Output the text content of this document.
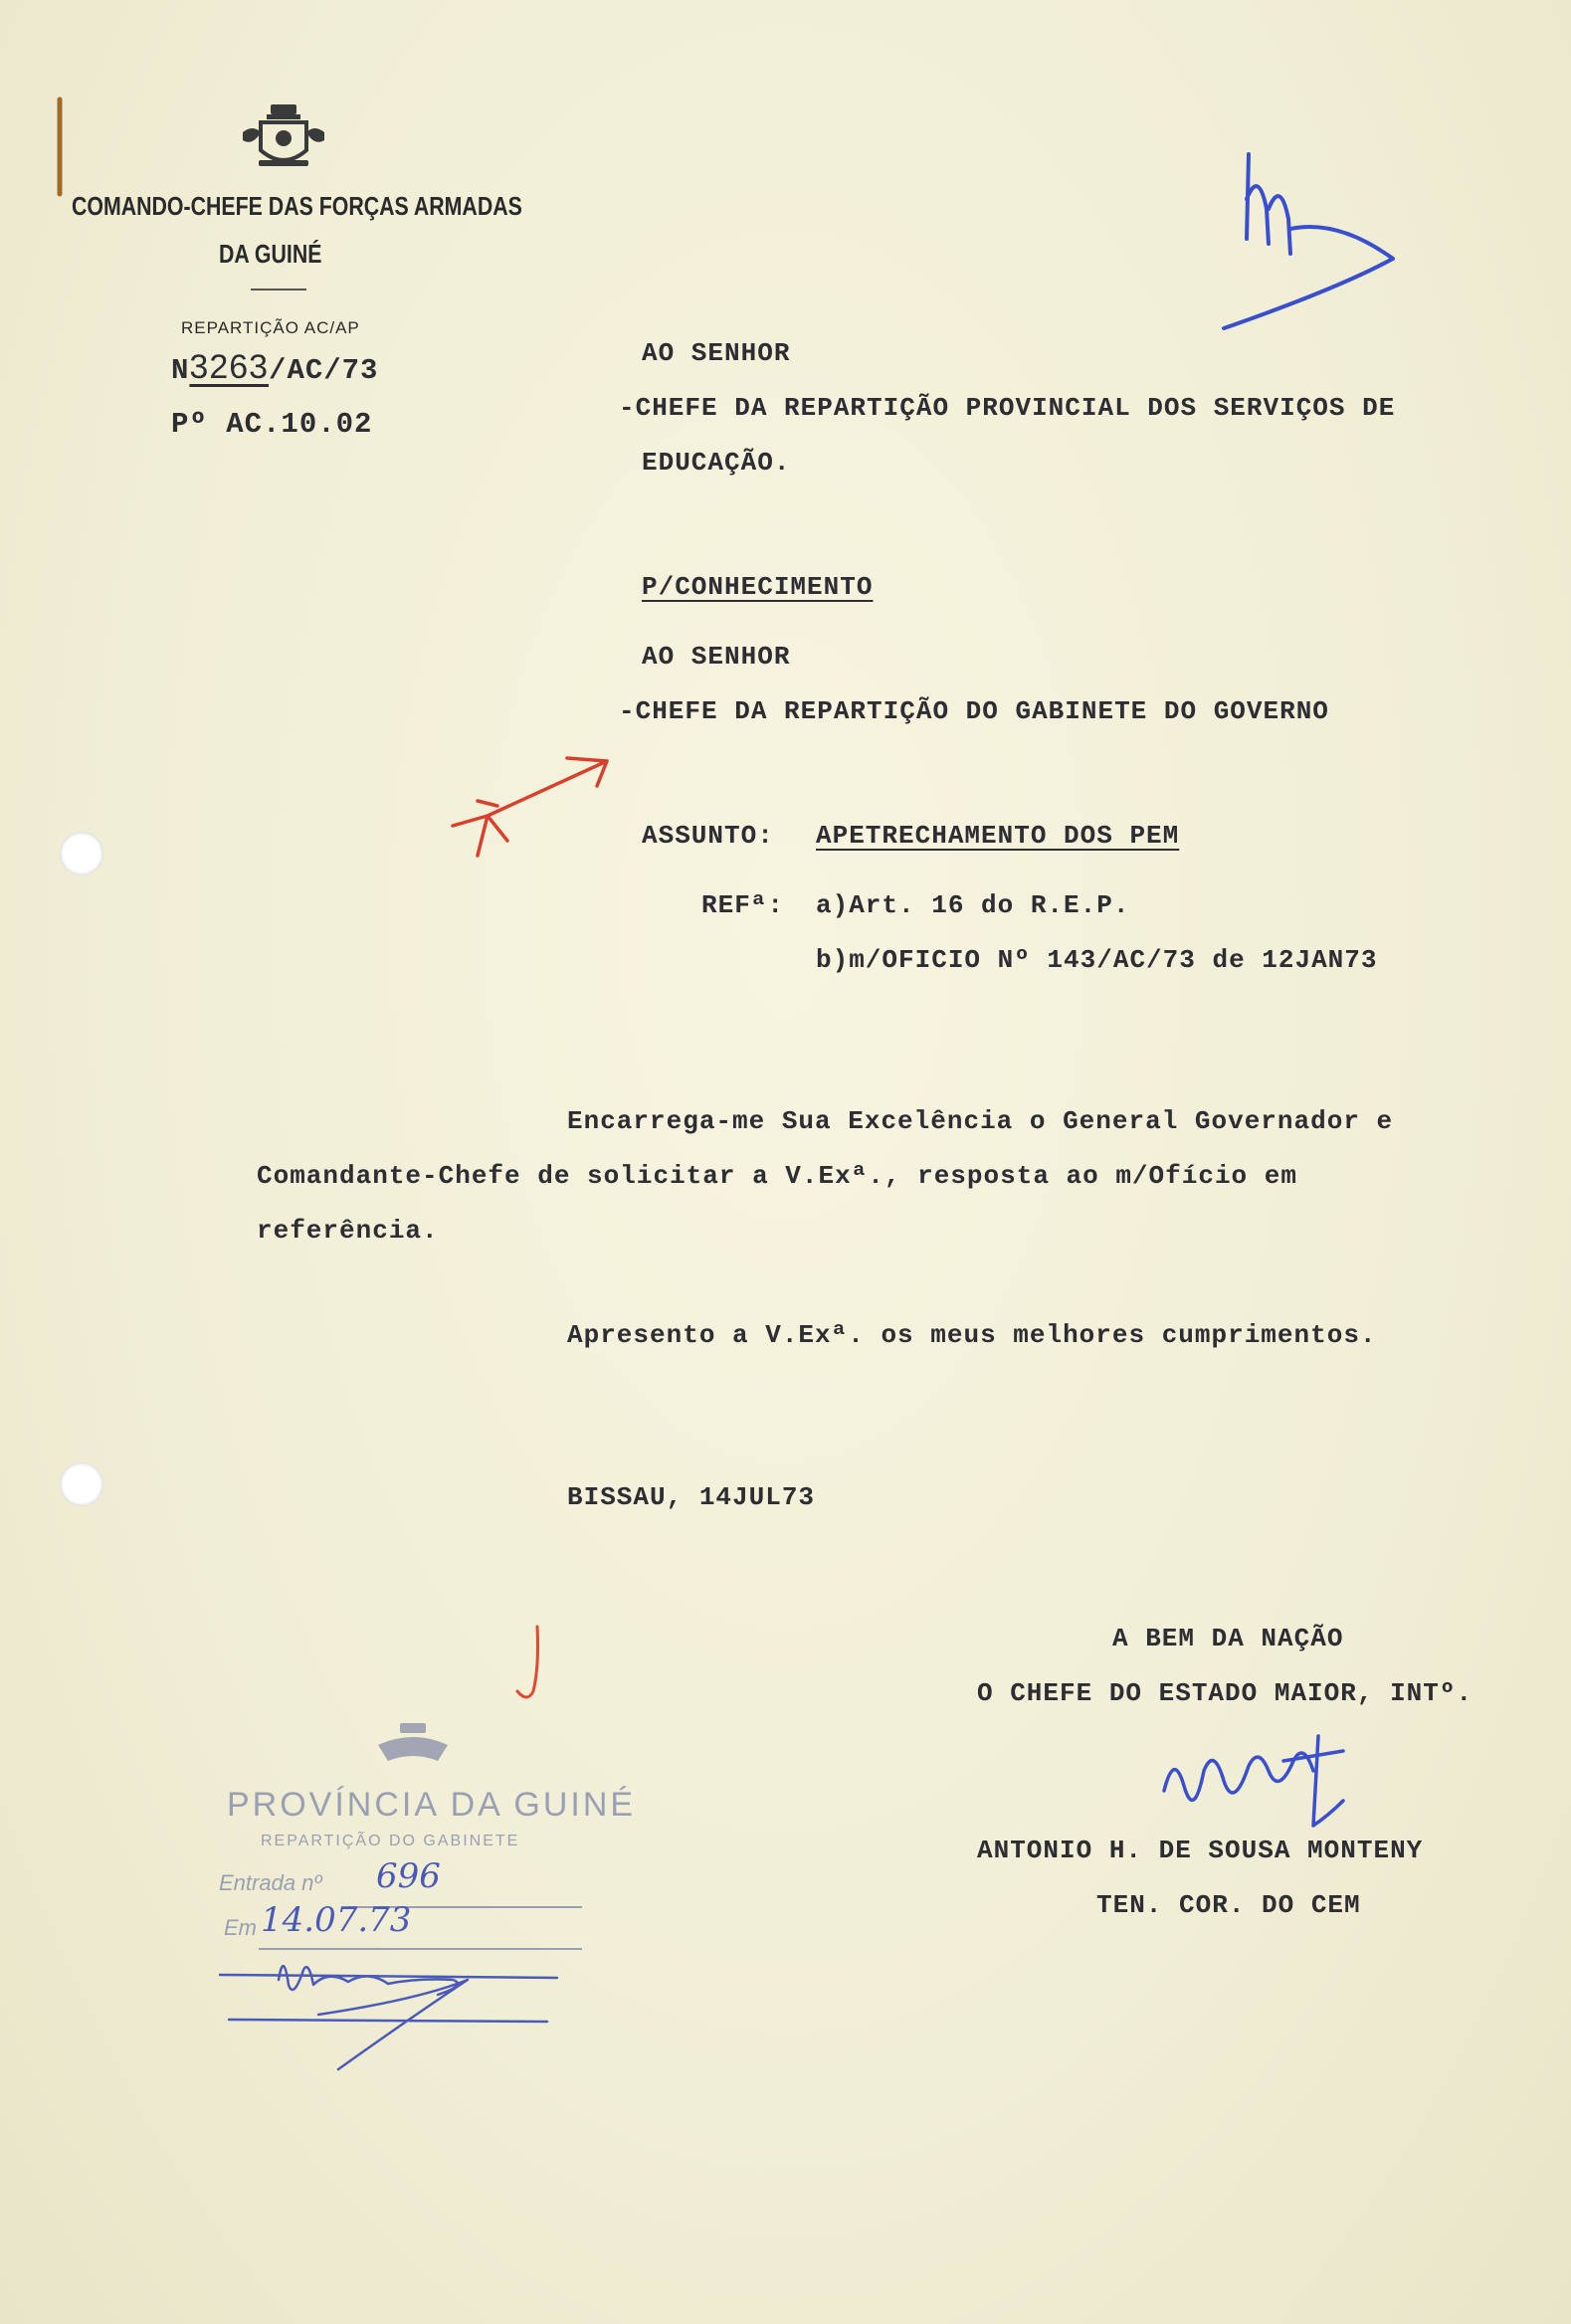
COMANDO-CHEFE DAS FORÇAS ARMADAS
DA GUINÉ
REPARTIÇÃO AC/AP
N3263/AC/73
Pº AC.10.02
AO SENHOR
-CHEFE DA REPARTIÇÃO PROVINCIAL DOS SERVIÇOS DE
EDUCAÇÃO.
P/CONHECIMENTO
AO SENHOR
-CHEFE DA REPARTIÇÃO DO GABINETE DO GOVERNO
ASSUNTO: APETRECHAMENTO DOS PEM
REFª: a)Art. 16 do R.E.P.
b)m/OFICIO Nº 143/AC/73 de 12JAN73
Encarrega-me Sua Excelência o General Governador e
Comandante-Chefe de solicitar a V.Exª., resposta ao m/Ofício em
referência.
Apresento a V.Exª. os meus melhores cumprimentos.
BISSAU, 14JUL73
A BEM DA NAÇÃO
O CHEFE DO ESTADO MAIOR, INTº.
ANTONIO H. DE SOUSA MONTENY
TEN. COR. DO CEM
PROVÍNCIA DA GUINÉ
REPARTIÇÃO DO GABINETE
Entrada nº 696
Em 14.07.73
